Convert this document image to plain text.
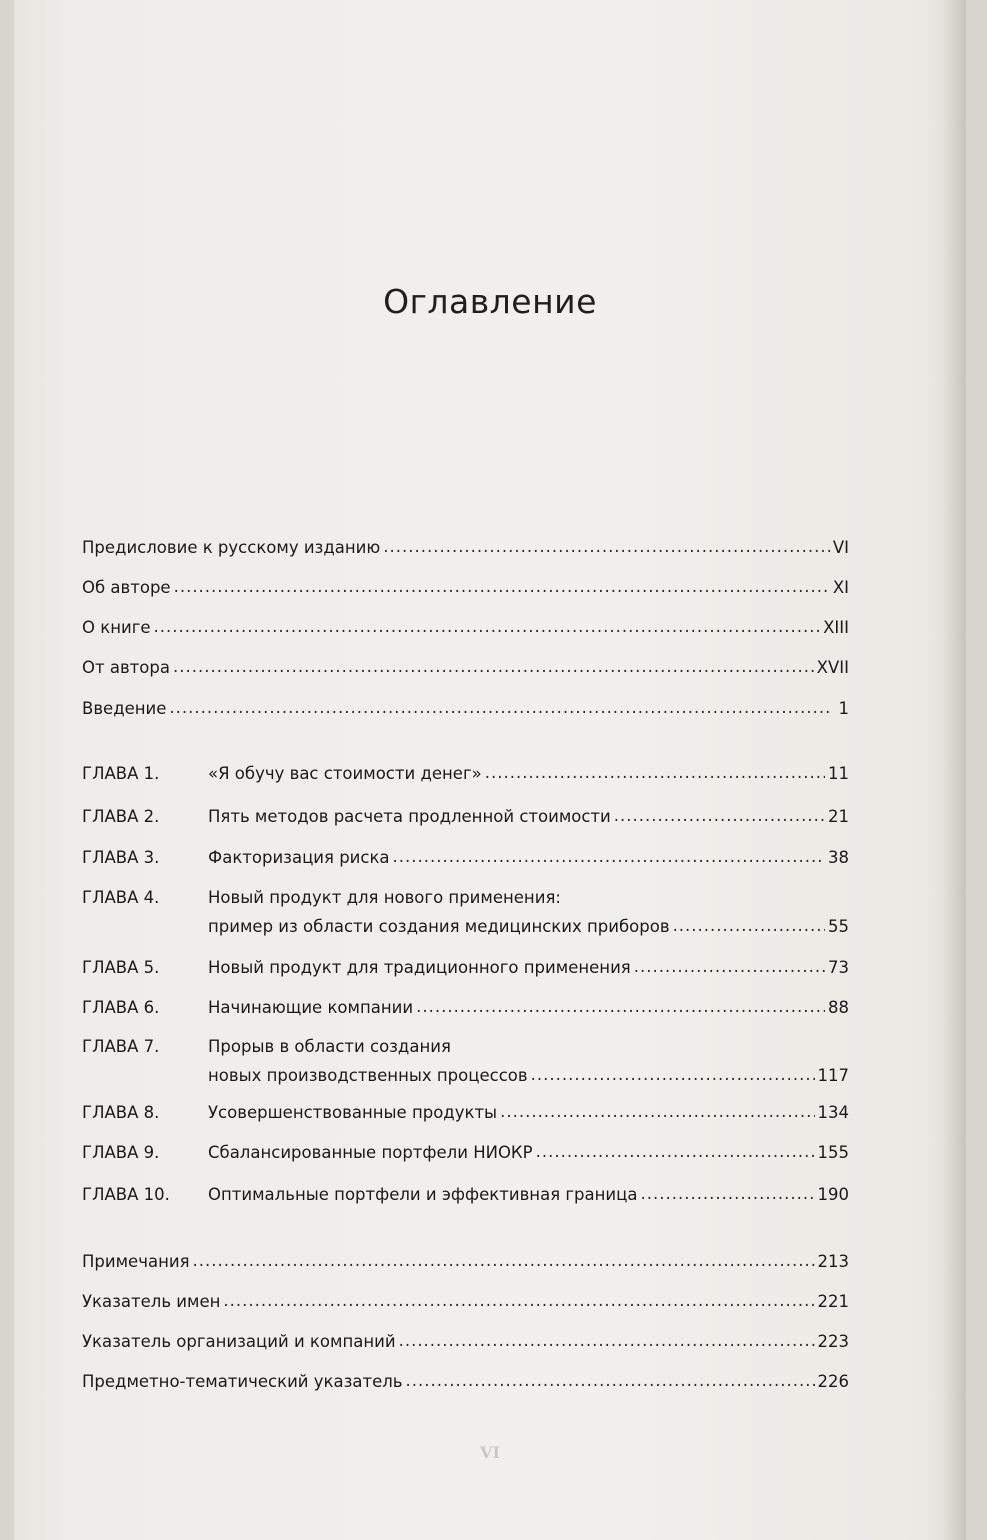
Оглавление
Предисловие к русскому изданию .....	VI
Об авторе .....	XI
О книге .....	XIII
От автора .....	XVII
Введение .....	1
ГЛАВА 1.	«Я обучу вас стоимости денег» .....	11
ГЛАВА 2.	Пять методов расчета продленной стоимости .....	21
ГЛАВА 3.	Факторизация риска .....	38
ГЛАВА 4.	Новый продукт для нового применения:
пример из области создания медицинских приборов .....	55
ГЛАВА 5.	Новый продукт для традиционного применения .....	73
ГЛАВА 6.	Начинающие компании .....	88
ГЛАВА 7.	Прорыв в области создания
новых производственных процессов .....	117
ГЛАВА 8.	Усовершенствованные продукты .....	134
ГЛАВА 9.	Сбалансированные портфели НИОКР .....	155
ГЛАВА 10.	Оптимальные портфели и эффективная граница .....	190
Примечания .....	213
Указатель имен .....	221
Указатель организаций и компаний .....	223
Предметно-тематический указатель .....	226
VI
